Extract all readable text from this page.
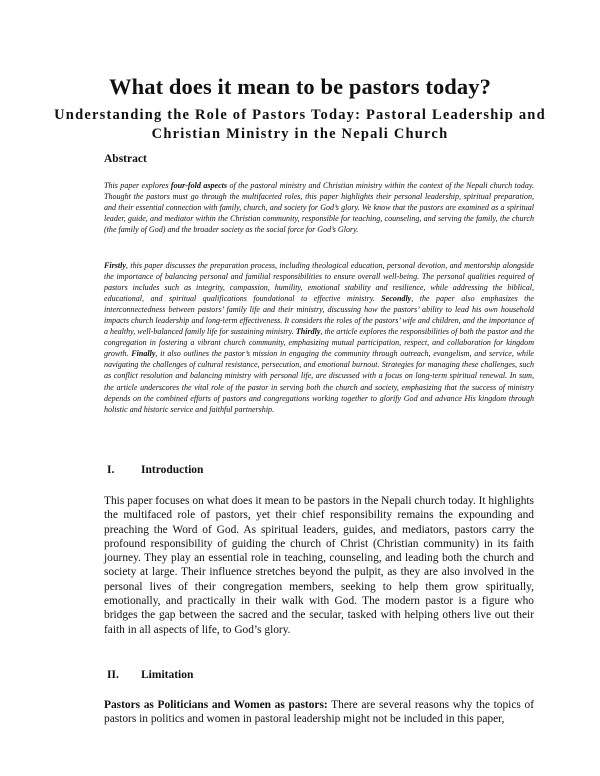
What does it mean to be pastors today?
Understanding the Role of Pastors Today: Pastoral Leadership and Christian Ministry in the Nepali Church
Abstract
This paper explores four-fold aspects of the pastoral ministry and Christian ministry within the context of the Nepali church today. Thought the pastors must go through the multifaceted roles, this paper highlights their personal leadership, spiritual preparation, and their essential connection with family, church, and society for God’s glory. We know that the pastors are examined as a spiritual leader, guide, and mediator within the Christian community, responsible for teaching, counseling, and serving the family, the church (the family of God) and the broader society as the social force for God’s Glory.
Firstly, this paper discusses the preparation process, including theological education, personal devotion, and mentorship alongside the importance of balancing personal and familial responsibilities to ensure overall well-being. The personal qualities required of pastors includes such as integrity, compassion, humility, emotional stability and resilience, while addressing the biblical, educational, and spiritual qualifications foundational to effective ministry. Secondly, the paper also emphasizes the interconnectedness between pastors’ family life and their ministry, discussing how the pastors’ ability to lead his own household impacts church leadership and long-term effectiveness. It considers the roles of the pastors’ wife and children, and the importance of a healthy, well-balanced family life for sustaining ministry. Thirdly, the article explores the responsibilities of both the pastor and the congregation in fostering a vibrant church community, emphasizing mutual participation, respect, and collaboration for kingdom growth. Finally, it also outlines the pastor’s mission in engaging the community through outreach, evangelism, and service, while navigating the challenges of cultural resistance, persecution, and emotional burnout. Strategies for managing these challenges, such as conflict resolution and balancing ministry with personal life, are discussed with a focus on long-term spiritual renewal. In sum, the article underscores the vital role of the pastor in serving both the church and society, emphasizing that the success of ministry depends on the combined efforts of pastors and congregations working together to glorify God and advance His kingdom through holistic and historic service and faithful partnership.
I. Introduction
This paper focuses on what does it mean to be pastors in the Nepali church today. It highlights the multifaced role of pastors, yet their chief responsibility remains the expounding and preaching the Word of God. As spiritual leaders, guides, and mediators, pastors carry the profound responsibility of guiding the church of Christ (Christian community) in its faith journey. They play an essential role in teaching, counseling, and leading both the church and society at large. Their influence stretches beyond the pulpit, as they are also involved in the personal lives of their congregation members, seeking to help them grow spiritually, emotionally, and practically in their walk with God. The modern pastor is a figure who bridges the gap between the sacred and the secular, tasked with helping others live out their faith in all aspects of life, to God’s glory.
II. Limitation
Pastors as Politicians and Women as pastors: There are several reasons why the topics of pastors in politics and women in pastoral leadership might not be included in this paper,
